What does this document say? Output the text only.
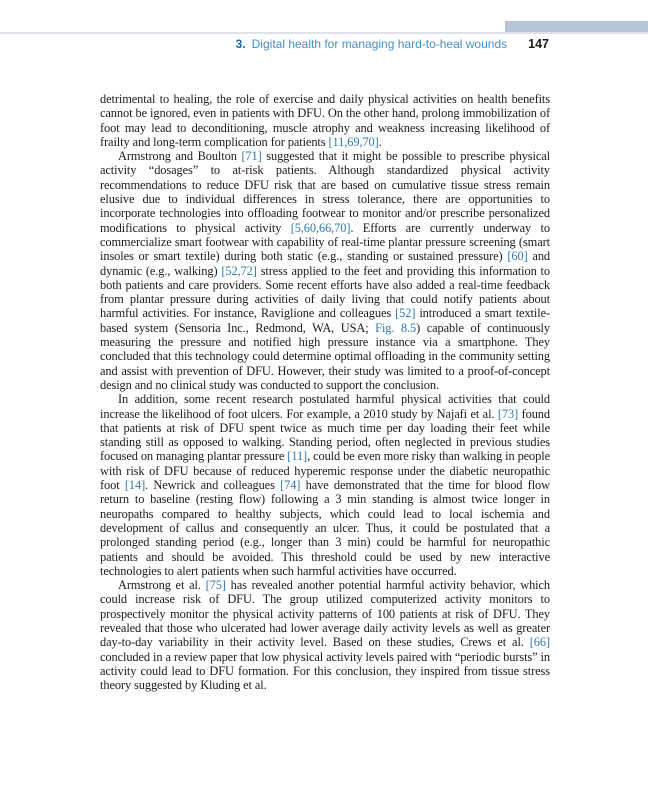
3. Digital health for managing hard-to-heal wounds 147

detrimental to healing, the role of exercise and daily physical activities on health benefits cannot be ignored, even in patients with DFU. On the other hand, prolong immobilization of foot may lead to deconditioning, muscle atrophy and weakness increasing likelihood of frailty and long-term complication for patients [11,69,70].

Armstrong and Boulton [71] suggested that it might be possible to prescribe physical activity “dosages” to at-risk patients. Although standardized physical activity recommendations to reduce DFU risk that are based on cumulative tissue stress remain elusive due to individual differences in stress tolerance, there are opportunities to incorporate technologies into offloading footwear to monitor and/or prescribe personalized modifications to physical activity [5,60,66,70]. Efforts are currently underway to commercialize smart footwear with capability of real-time plantar pressure screening (smart insoles or smart textile) during both static (e.g., standing or sustained pressure) [60] and dynamic (e.g., walking) [52,72] stress applied to the feet and providing this information to both patients and care providers. Some recent efforts have also added a real-time feedback from plantar pressure during activities of daily living that could notify patients about harmful activities. For instance, Raviglione and colleagues [52] introduced a smart textile-based system (Sensoria Inc., Redmond, WA, USA; Fig. 8.5) capable of continuously measuring the pressure and notified high pressure instance via a smartphone. They concluded that this technology could determine optimal offloading in the community setting and assist with prevention of DFU. However, their study was limited to a proof-of-concept design and no clinical study was conducted to support the conclusion.

In addition, some recent research postulated harmful physical activities that could increase the likelihood of foot ulcers. For example, a 2010 study by Najafi et al. [73] found that patients at risk of DFU spent twice as much time per day loading their feet while standing still as opposed to walking. Standing period, often neglected in previous studies focused on managing plantar pressure [11], could be even more risky than walking in people with risk of DFU because of reduced hyperemic response under the diabetic neuropathic foot [14]. Newrick and colleagues [74] have demonstrated that the time for blood flow return to baseline (resting flow) following a 3 min standing is almost twice longer in neuropaths compared to healthy subjects, which could lead to local ischemia and development of callus and consequently an ulcer. Thus, it could be postulated that a prolonged standing period (e.g., longer than 3 min) could be harmful for neuropathic patients and should be avoided. This threshold could be used by new interactive technologies to alert patients when such harmful activities have occurred.

Armstrong et al. [75] has revealed another potential harmful activity behavior, which could increase risk of DFU. The group utilized computerized activity monitors to prospectively monitor the physical activity patterns of 100 patients at risk of DFU. They revealed that those who ulcerated had lower average daily activity levels as well as greater day-to-day variability in their activity level. Based on these studies, Crews et al. [66] concluded in a review paper that low physical activity levels paired with “periodic bursts” in activity could lead to DFU formation. For this conclusion, they inspired from tissue stress theory suggested by Kluding et al.
